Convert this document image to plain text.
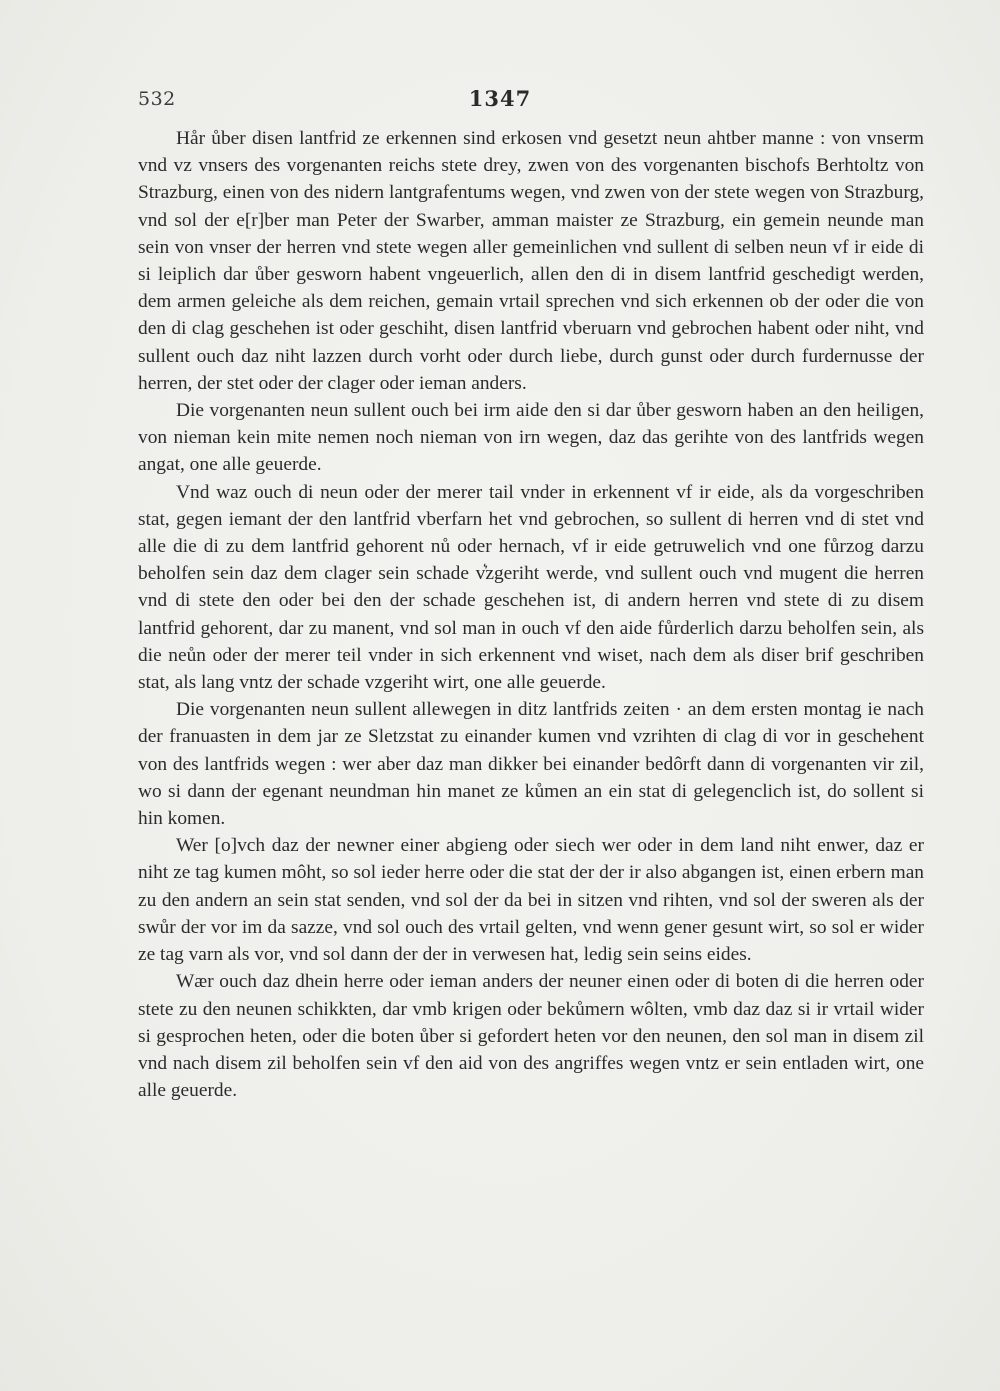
532	1347

Hår ůber disen lantfrid ze erkennen sind erkosen vnd gesetzt neun ahtber manne : von vnserm vnd vz vnsers des vorgenanten reichs stete drey, zwen von des vorgenanten bischofs Berhtoltz von Strazburg, einen von des nidern lantgrafentums wegen, vnd zwen von der stete wegen von Strazburg, vnd sol der e[r]ber man Peter der Swarber, amman maister ze Strazburg, ein gemein neunde man sein von vnser der herren vnd stete wegen aller gemeinlichen vnd sullent di selben neun vf ir eide di si leiplich dar ůber gesworn habent vngeuerlich, allen den di in disem lantfrid geschedigt werden, dem armen geleiche als dem reichen, gemain vrtail sprechen vnd sich erkennen ob der oder die von den di clag geschehen ist oder geschiht, disen lantfrid vberuarn vnd gebrochen habent oder niht, vnd sullent ouch daz niht lazzen durch vorht oder durch liebe, durch gunst oder durch furdernusse der herren, der stet oder der clager oder ieman anders.

Die vorgenanten neun sullent ouch bei irm aide den si dar ůber gesworn haben an den heiligen, von nieman kein mite nemen noch nieman von irn wegen, daz das gerihte von des lantfrids wegen angat, one alle geuerde.

Vnd waz ouch di neun oder der merer tail vnder in erkennent vf ir eide, als da vorgeschriben stat, gegen iemant der den lantfrid vberfarn het vnd gebrochen, so sullent di herren vnd di stet vnd alle die di zu dem lantfrid gehorent nů oder hernach, vf ir eide getruwelich vnd one fůrzog darzu beholfen sein daz dem clager sein schade v͛zgeriht werde, vnd sullent ouch vnd mugent die herren vnd di stete den oder bei den der schade geschehen ist, di andern herren vnd stete di zu disem lantfrid gehorent, dar zu manent, vnd sol man in ouch vf den aide fůrderlich darzu beholfen sein, als die neůn oder der merer teil vnder in sich erkennent vnd wiset, nach dem als diser brif geschriben stat, als lang vntz der schade vzgeriht wirt, one alle geuerde.

Die vorgenanten neun sullent allewegen in ditz lantfrids zeiten · an dem ersten montag ie nach der franuasten in dem jar ze Sletzstat zu einander kumen vnd vzrihten di clag di vor in geschehent von des lantfrids wegen : wer aber daz man dikker bei einander bedôrft dann di vorgenanten vir zil, wo si dann der egenant neundman hin manet ze kůmen an ein stat di gelegenclich ist, do sollent si hin komen.

Wer [o]vch daz der newner einer abgieng oder siech wer oder in dem land niht enwer, daz er niht ze tag kumen môht, so sol ieder herre oder die stat der der ir also abgangen ist, einen erbern man zu den andern an sein stat senden, vnd sol der da bei in sitzen vnd rihten, vnd sol der sweren als der swůr der vor im da sazze, vnd sol ouch des vrtail gelten, vnd wenn gener gesunt wirt, so sol er wider ze tag varn als vor, vnd sol dann der der in verwesen hat, ledig sein seins eides.

Wær ouch daz dhein herre oder ieman anders der neuner einen oder di boten di die herren oder stete zu den neunen schikkten, dar vmb krigen oder bekůmern wôlten, vmb daz daz si ir vrtail wider si gesprochen heten, oder die boten ůber si gefordert heten vor den neunen, den sol man in disem zil vnd nach disem zil beholfen sein vf den aid von des angriffes wegen vntz er sein entladen wirt, one alle geuerde.
